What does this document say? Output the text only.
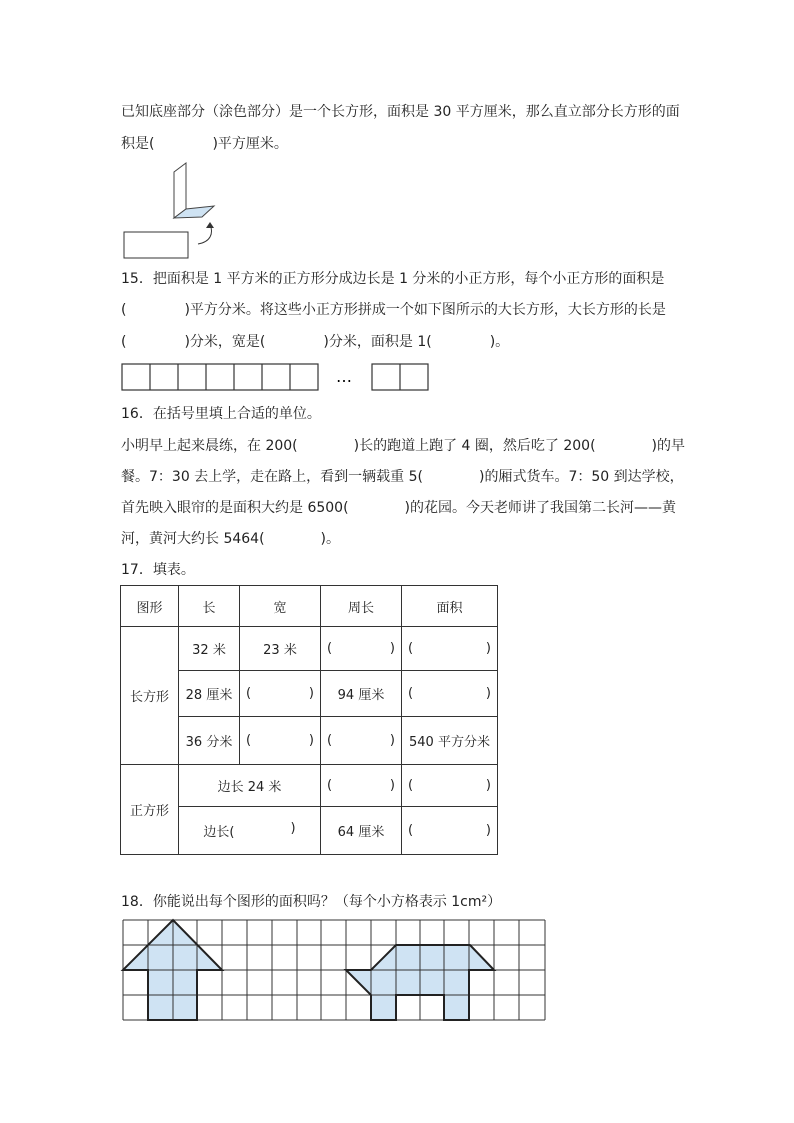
已知底座部分（涂色部分）是一个长方形，面积是 30 平方厘米，那么直立部分长方形的面
积是(	)平方厘米。
15．把面积是 1 平方米的正方形分成边长是 1 分米的小正方形，每个小正方形的面积是
(	)平方分米。将这些小正方形拼成一个如下图所示的大长方形，大长方形的长是
(	)分米，宽是(	)分米，面积是 1(	)。
…
16．在括号里填上合适的单位。
小明早上起来晨练，在 200(	)长的跑道上跑了 4 圈，然后吃了 200(	)的早
餐。7：30 去上学，走在路上，看到一辆载重 5(	)的厢式货车。7：50 到达学校，
首先映入眼帘的是面积大约是 6500(	)的花园。今天老师讲了我国第二长河——黄
河，黄河大约长 5464(	)。
17．填表。
图形	长	宽	周长	面积
长方形	32 米	23 米	( )	( )

	28 厘米	( )	94 厘米	( )

	36 分米	( )	( )	540 平方分米
正方形	边长 24 米		( )	( )

	边长( )		64 厘米	( )
18．你能说出每个图形的面积吗？（每个小方格表示 1cm²）
